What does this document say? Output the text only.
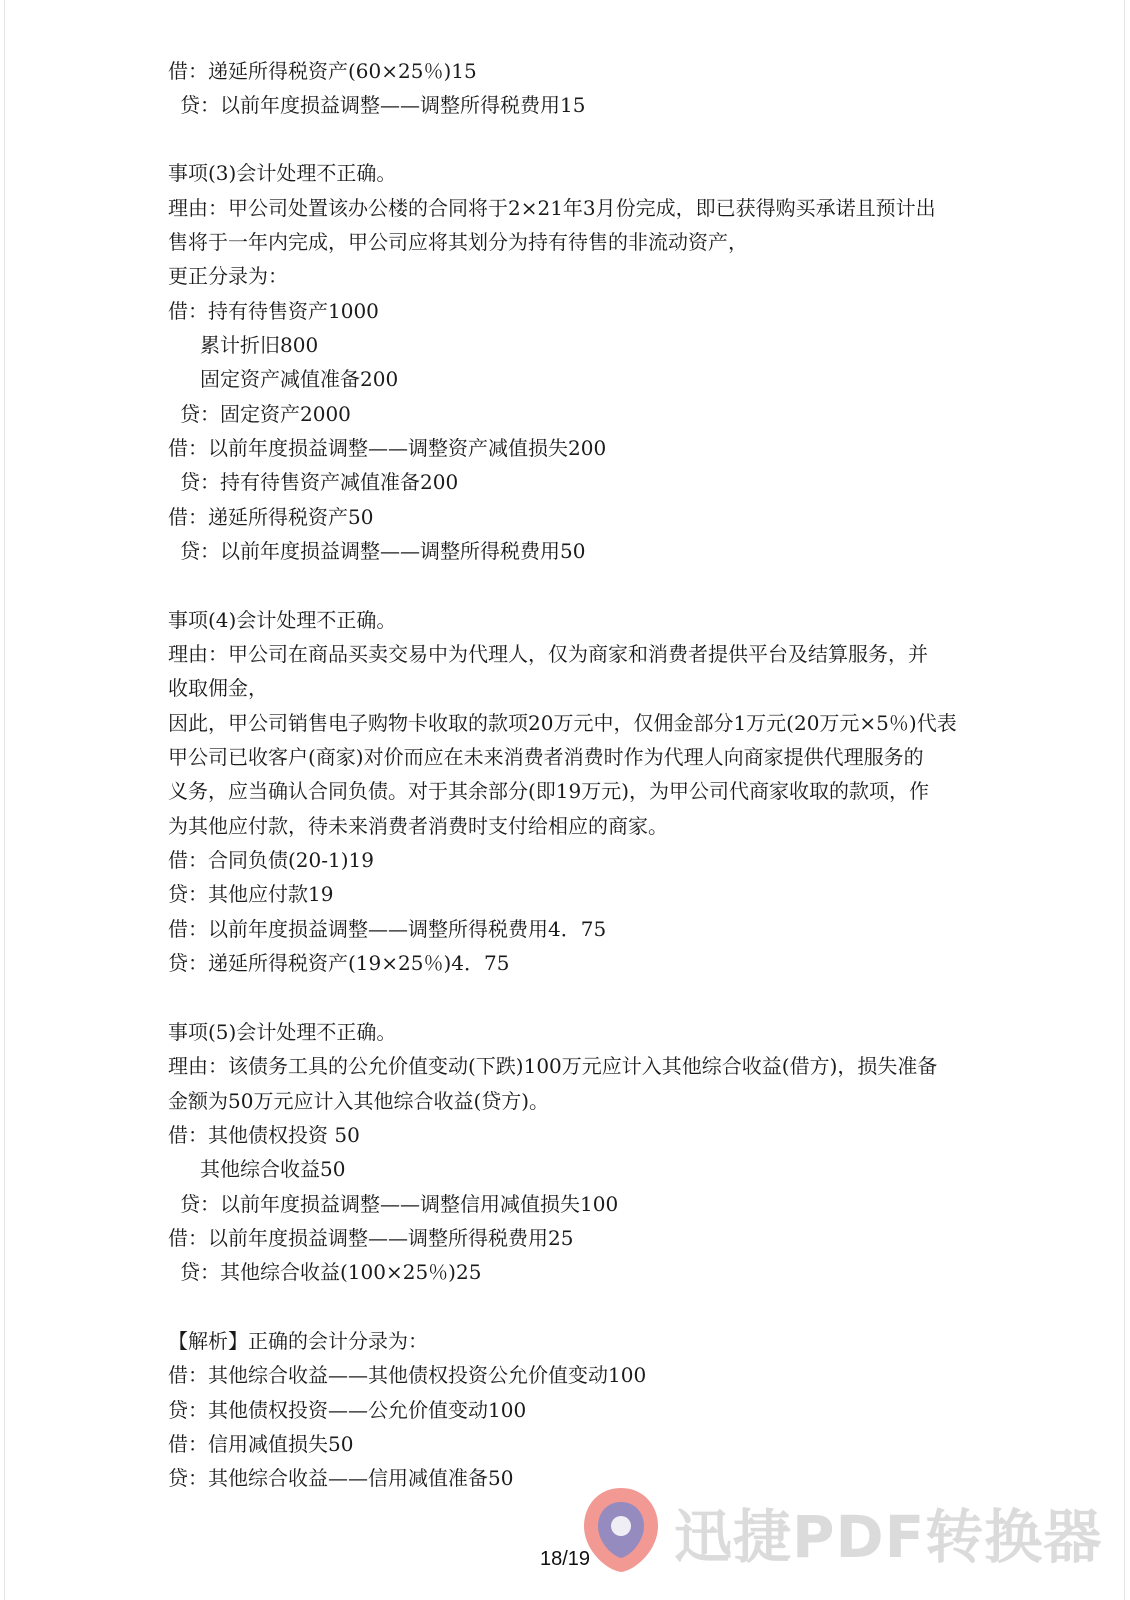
借：递延所得税资产(60×25％)15
贷：以前年度损益调整——调整所得税费用15
事项(3)会计处理不正确。
理由：甲公司处置该办公楼的合同将于2×21年3月份完成，即已获得购买承诺且预计出
售将于一年内完成，甲公司应将其划分为持有待售的非流动资产，
更正分录为：
借：持有待售资产1000
累计折旧800
固定资产减值准备200
贷：固定资产2000
借：以前年度损益调整——调整资产减值损失200
贷：持有待售资产减值准备200
借：递延所得税资产50
贷：以前年度损益调整——调整所得税费用50
事项(4)会计处理不正确。
理由：甲公司在商品买卖交易中为代理人，仅为商家和消费者提供平台及结算服务，并
收取佣金，
因此，甲公司销售电子购物卡收取的款项20万元中，仅佣金部分1万元(20万元×5％)代表
甲公司已收客户(商家)对价而应在未来消费者消费时作为代理人向商家提供代理服务的
义务，应当确认合同负债。对于其余部分(即19万元)，为甲公司代商家收取的款项，作
为其他应付款，待未来消费者消费时支付给相应的商家。
借：合同负债(20-1)19
贷：其他应付款19
借：以前年度损益调整——调整所得税费用4．75
贷：递延所得税资产(19×25％)4．75
事项(5)会计处理不正确。
理由：该债务工具的公允价值变动(下跌)100万元应计入其他综合收益(借方)，损失准备
金额为50万元应计入其他综合收益(贷方)。
借：其他债权投资 50
其他综合收益50
贷：以前年度损益调整——调整信用减值损失100
借：以前年度损益调整——调整所得税费用25
贷：其他综合收益(100×25％)25
【解析】正确的会计分录为：
借：其他综合收益——其他债权投资公允价值变动100
贷：其他债权投资——公允价值变动100
借：信用减值损失50
贷：其他综合收益——信用减值准备50
迅捷PDF转换器
18/19
